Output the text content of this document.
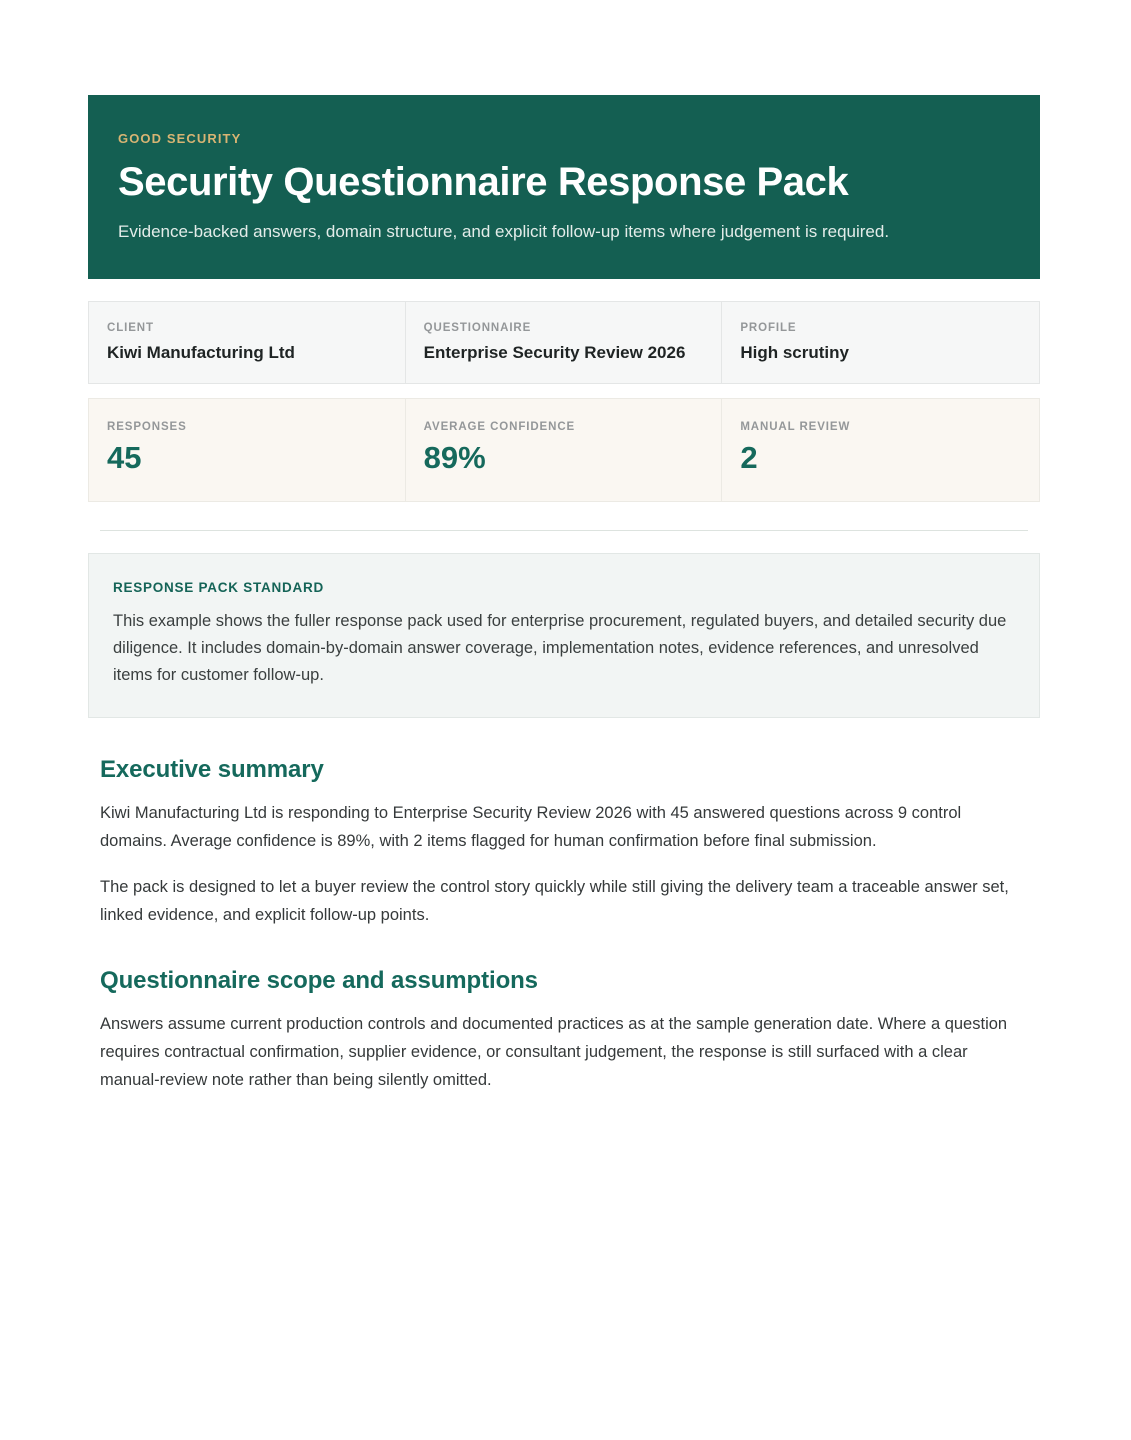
GOOD SECURITY
Security Questionnaire Response Pack

Evidence-backed answers, domain structure, and explicit follow-up items where judgement is required.

CLIENT
Kiwi Manufacturing Ltd
QUESTIONNAIRE
Enterprise Security Review 2026
PROFILE
High scrutiny
RESPONSES
45
AVERAGE CONFIDENCE
89%
MANUAL REVIEW
2
RESPONSE PACK STANDARD

This example shows the fuller response pack used for enterprise procurement, regulated buyers, and detailed security due diligence. It includes domain-by-domain answer coverage, implementation notes, evidence references, and unresolved items for customer follow-up.

Executive summary

Kiwi Manufacturing Ltd is responding to Enterprise Security Review 2026 with 45 answered questions across 9 control domains. Average confidence is 89%, with 2 items flagged for human confirmation before final submission.

The pack is designed to let a buyer review the control story quickly while still giving the delivery team a traceable answer set, linked evidence, and explicit follow-up points.

Questionnaire scope and assumptions

Answers assume current production controls and documented practices as at the sample generation date. Where a question requires contractual confirmation, supplier evidence, or consultant judgement, the response is still surfaced with a clear manual-review note rather than being silently omitted.
